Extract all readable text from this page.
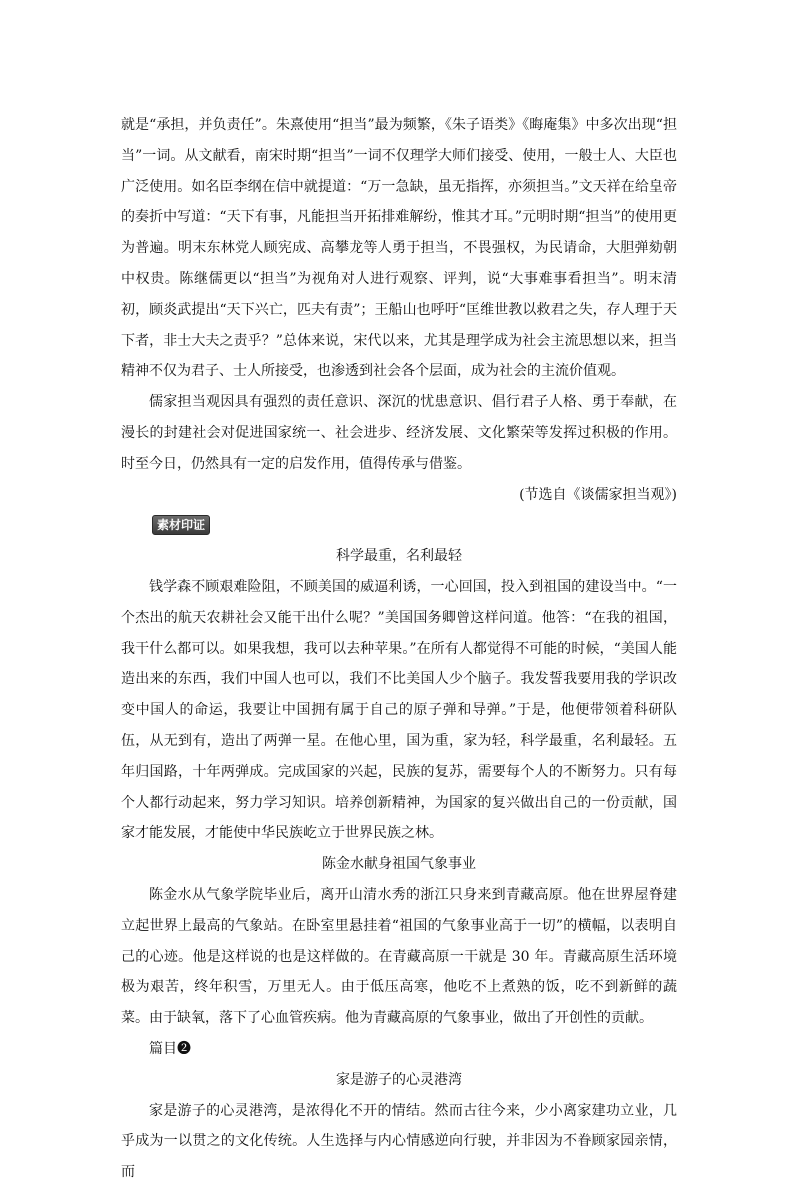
就是“承担，并负责任”。朱熹使用“担当”最为频繁，《朱子语类》《晦庵集》中多次出现“担当”一词。从文献看，南宋时期“担当”一词不仅理学大师们接受、使用，一般士人、大臣也广泛使用。如名臣李纲在信中就提道：“万一急缺，虽无指挥，亦须担当。”文天祥在给皇帝的奏折中写道：“天下有事，凡能担当开拓排难解纷，惟其才耳。”元明时期“担当”的使用更为普遍。明末东林党人顾宪成、高攀龙等人勇于担当，不畏强权，为民请命，大胆弹劾朝中权贵。陈继儒更以“担当”为视角对人进行观察、评判，说“大事难事看担当”。明末清初，顾炎武提出“天下兴亡，匹夫有责”；王船山也呼吁“匡维世教以救君之失，存人理于天下者，非士大夫之责乎？”总体来说，宋代以来，尤其是理学成为社会主流思想以来，担当精神不仅为君子、士人所接受，也渗透到社会各个层面，成为社会的主流价值观。

儒家担当观因具有强烈的责任意识、深沉的忧患意识、倡行君子人格、勇于奉献，在漫长的封建社会对促进国家统一、社会进步、经济发展、文化繁荣等发挥过积极的作用。时至今日，仍然具有一定的启发作用，值得传承与借鉴。

(节选自《谈儒家担当观》)

素材印证

科学最重，名利最轻

钱学森不顾艰难险阻，不顾美国的威逼利诱，一心回国，投入到祖国的建设当中。“一个杰出的航天农耕社会又能干出什么呢？”美国国务卿曾这样问道。他答：“在我的祖国，我干什么都可以。如果我想，我可以去种苹果。”在所有人都觉得不可能的时候，“美国人能造出来的东西，我们中国人也可以，我们不比美国人少个脑子。我发誓我要用我的学识改变中国人的命运，我要让中国拥有属于自己的原子弹和导弹。”于是，他便带领着科研队伍，从无到有，造出了两弹一星。在他心里，国为重，家为轻，科学最重，名利最轻。五年归国路，十年两弹成。完成国家的兴起，民族的复苏，需要每个人的不断努力。只有每个人都行动起来，努力学习知识。培养创新精神，为国家的复兴做出自己的一份贡献，国家才能发展，才能使中华民族屹立于世界民族之林。

陈金水献身祖国气象事业

陈金水从气象学院毕业后，离开山清水秀的浙江只身来到青藏高原。他在世界屋脊建立起世界上最高的气象站。在卧室里悬挂着“祖国的气象事业高于一切”的横幅，以表明自己的心迹。他是这样说的也是这样做的。在青藏高原一干就是 30 年。青藏高原生活环境极为艰苦，终年积雪，万里无人。由于低压高寒，他吃不上煮熟的饭，吃不到新鲜的蔬菜。由于缺氧，落下了心血管疾病。他为青藏高原的气象事业，做出了开创性的贡献。

篇目❷

家是游子的心灵港湾

家是游子的心灵港湾，是浓得化不开的情结。然而古往今来，少小离家建功立业，几乎成为一以贯之的文化传统。人生选择与内心情感逆向行驶，并非因为不眷顾家园亲情，而
